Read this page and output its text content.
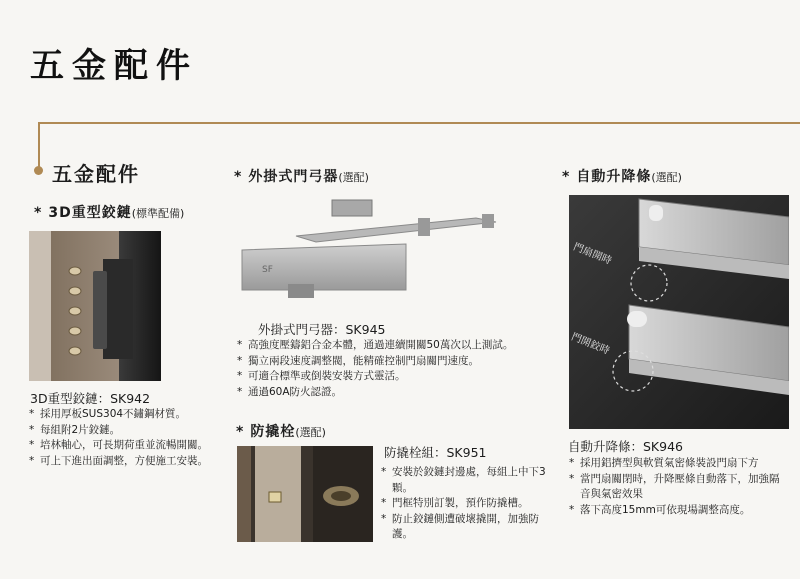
五金配件
五金配件
* 3D重型鉸鏈(標準配備)
3D重型鉸鏈：SK942
* 採用厚板SUS304不鏽鋼材質。
* 每組附2片鉸鏈。
* 培林軸心，可長期荷重並流暢開關。
* 可上下進出面調整，方便施工安裝。
* 外掛式門弓器(選配)
SF
外掛式門弓器：SK945
* 高強度壓鑄鋁合金本體，通過連續開關50萬次以上測試。
* 獨立兩段速度調整閥，能精確控制門扇關門速度。
* 可適合標準或倒裝安裝方式靈活。
* 通過60A防火認證。
* 防撬栓(選配)
防撬栓組：SK951
* 安裝於鉸鏈封邊處，每組上中下3顆。
* 門框特別訂製，預作防撬槽。
* 防止鉸鏈側遭破壞撬開，加強防護。
* 自動升降條(選配)
門扇開時
門開鉸時
自動升降條：SK946
* 採用鋁擠型與軟質氣密條裝設門扇下方
* 當門扇關閉時，升降壓條自動落下，加強隔音與氣密效果
* 落下高度15mm可依現場調整高度。
